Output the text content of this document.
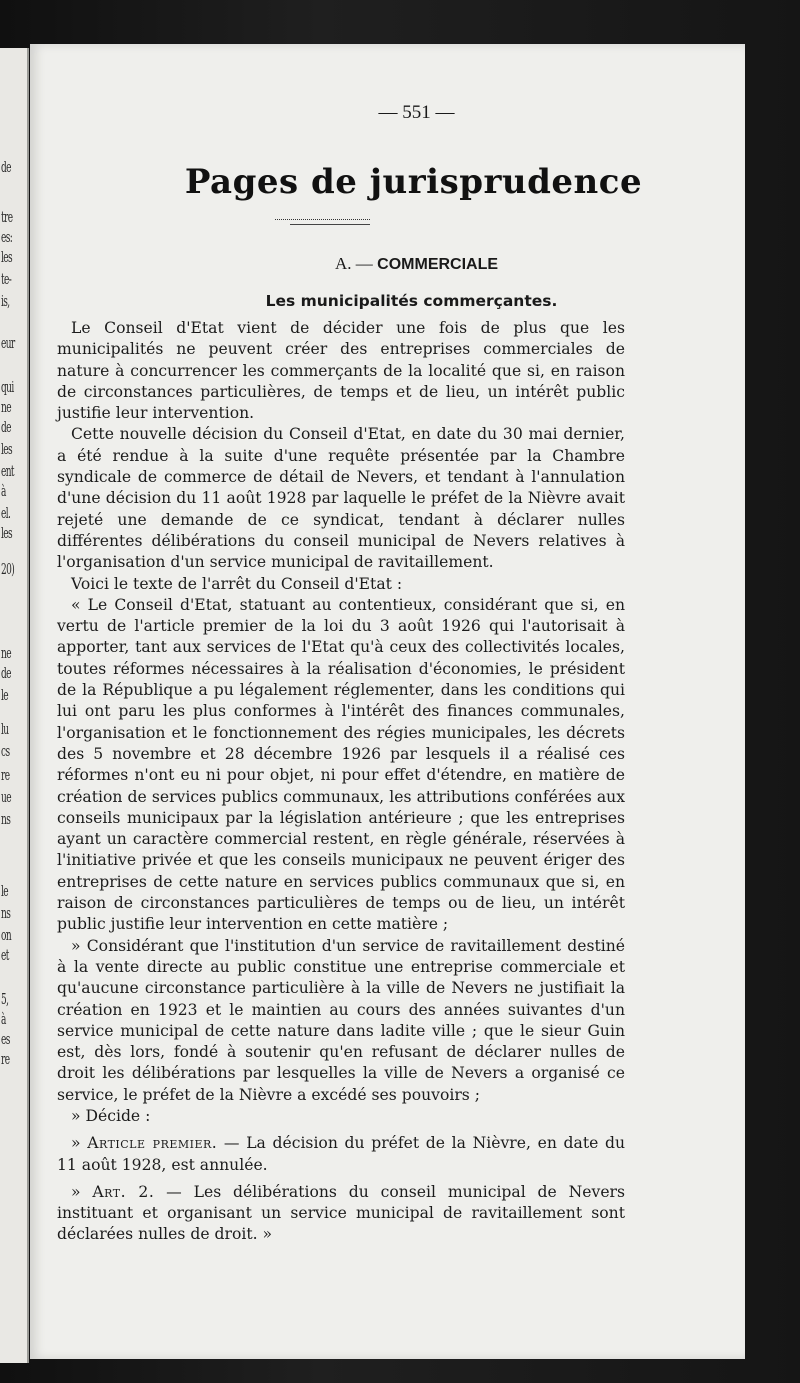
de
tre
es:
les
te-
is,
eur
qui
ne
de
les
ent
à
el.
les
20)
ne
de
le
lu
cs
re
ue
ns
le
ns
on
et
5,
à
es
re
— 551 —
Pages de jurisprudence
A. — COMMERCIALE
Les municipalités commerçantes.

Le Conseil d'Etat vient de décider une fois de plus que les municipalités ne peuvent créer des entreprises commerciales de nature à concurrencer les commerçants de la localité que si, en raison de circonstances particulières, de temps et de lieu, un intérêt public justifie leur intervention.

Cette nouvelle décision du Conseil d'Etat, en date du 30 mai dernier, a été rendue à la suite d'une requête présentée par la Chambre syndicale de commerce de détail de Nevers, et tendant à l'annulation d'une décision du 11 août 1928 par laquelle le préfet de la Nièvre avait rejeté une demande de ce syndicat, tendant à déclarer nulles différentes délibérations du conseil municipal de Nevers relatives à l'organisation d'un service municipal de ravitaillement.

Voici le texte de l'arrêt du Conseil d'Etat :

« Le Conseil d'Etat, statuant au contentieux, considérant que si, en vertu de l'article premier de la loi du 3 août 1926 qui l'autorisait à apporter, tant aux services de l'Etat qu'à ceux des collectivités locales, toutes réformes nécessaires à la réalisation d'économies, le président de la République a pu légalement réglementer, dans les conditions qui lui ont paru les plus conformes à l'intérêt des finances communales, l'organisation et le fonctionnement des régies municipales, les décrets des 5 novembre et 28 décembre 1926 par lesquels il a réalisé ces réformes n'ont eu ni pour objet, ni pour effet d'étendre, en matière de création de services publics communaux, les attributions conférées aux conseils municipaux par la législation antérieure ; que les entreprises ayant un caractère commercial restent, en règle générale, réservées à l'initiative privée et que les conseils municipaux ne peuvent ériger des entreprises de cette nature en services publics communaux que si, en raison de circonstances particulières de temps ou de lieu, un intérêt public justifie leur intervention en cette matière ;

» Considérant que l'institution d'un service de ravitaillement destiné à la vente directe au public constitue une entreprise commerciale et qu'aucune circonstance particulière à la ville de Nevers ne justifiait la création en 1923 et le maintien au cours des années suivantes d'un service municipal de cette nature dans ladite ville ; que le sieur Guin est, dès lors, fondé à soutenir qu'en refusant de déclarer nulles de droit les délibérations par lesquelles la ville de Nevers a organisé ce service, le préfet de la Nièvre a excédé ses pouvoirs ;

» Décide :

» Article premier. — La décision du préfet de la Nièvre, en date du 11 août 1928, est annulée.

» Art. 2. — Les délibérations du conseil municipal de Nevers instituant et organisant un service municipal de ravitaillement sont déclarées nulles de droit. »
